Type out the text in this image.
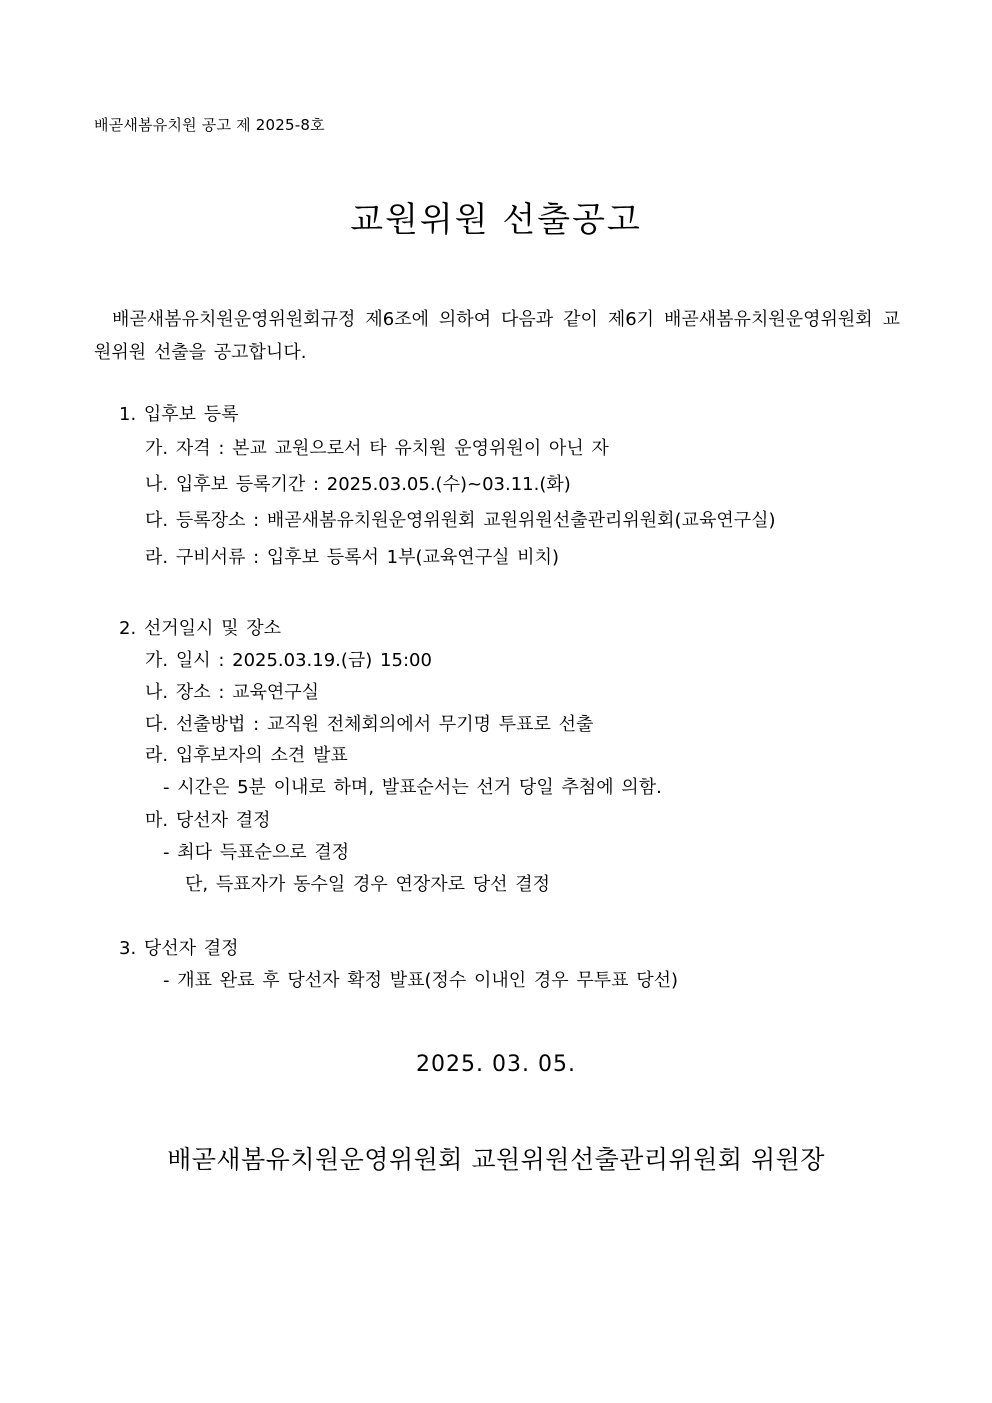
배곧새봄유치원 공고 제 2025-8호
교원위원 선출공고
배곧새봄유치원운영위원회규정 제6조에 의하여 다음과 같이 제6기 배곧새봄유치원운영위원회 교원위원 선출을 공고합니다.
1. 입후보 등록
가. 자격 : 본교 교원으로서 타 유치원 운영위원이 아닌 자
나. 입후보 등록기간 : 2025.03.05.(수)~03.11.(화)
다. 등록장소 : 배곧새봄유치원운영위원회 교원위원선출관리위원회(교육연구실)
라. 구비서류 : 입후보 등록서 1부(교육연구실 비치)
2. 선거일시 및 장소
가. 일시 : 2025.03.19.(금) 15:00
나. 장소 : 교육연구실
다. 선출방법 : 교직원 전체회의에서 무기명 투표로 선출
라. 입후보자의 소견 발표
- 시간은 5분 이내로 하며, 발표순서는 선거 당일 추첨에 의함.
마. 당선자 결정
- 최다 득표순으로 결정
단, 득표자가 동수일 경우 연장자로 당선 결정
3. 당선자 결정
- 개표 완료 후 당선자 확정 발표(정수 이내인 경우 무투표 당선)
2025. 03. 05.
배곧새봄유치원운영위원회 교원위원선출관리위원회 위원장
